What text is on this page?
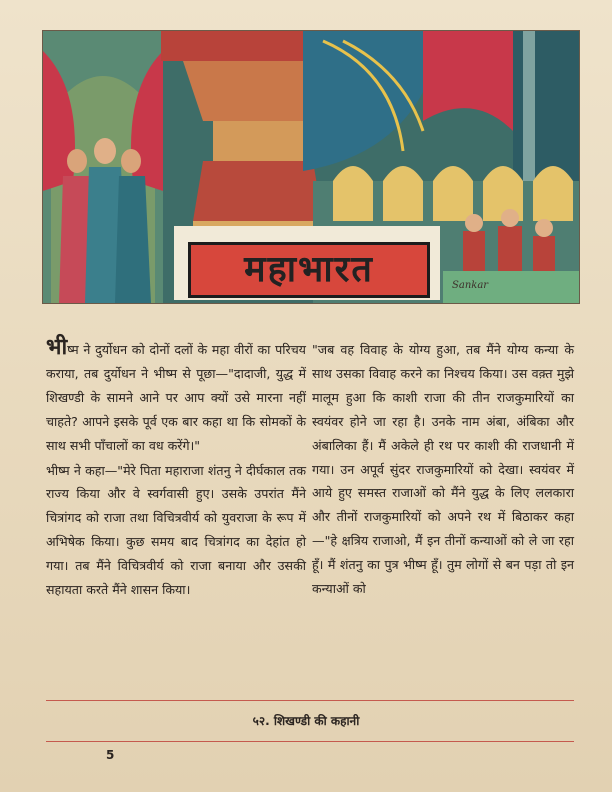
महाभारत	Sankar

भीष्म ने दुर्योधन को दोनों दलों के महा वीरों का परिचय कराया, तब दुर्योधन ने भीष्म से पूछा—"दादाजी, युद्ध में शिखण्डी के सामने आने पर आप क्यों उसे मारना नहीं चाहते? आपने इसके पूर्व एक बार कहा था कि सोमकों के साथ सभी पाँचालों का वध करेंगे।"

भीष्म ने कहा—"मेरे पिता महाराजा शंतनु ने दीर्घकाल तक राज्य किया और वे स्वर्गवासी हुए। उसके उपरांत मैंने चित्रांगद को राजा तथा विचित्रवीर्य को युवराजा के रूप में अभिषेक किया। कुछ समय बाद चित्रांगद का देहांत हो गया। तब मैंने विचित्रवीर्य को राजा बनाया और उसकी सहायता करते मैंने शासन किया।

"जब वह विवाह के योग्य हुआ, तब मैंने योग्य कन्या के साथ उसका विवाह करने का निश्चय किया। उस वक़्त मुझे मालूम हुआ कि काशी राजा की तीन राजकुमारियों का स्वयंवर होने जा रहा है। उनके नाम अंबा, अंबिका और अंबालिका हैं। मैं अकेले ही रथ पर काशी की राजधानी में गया। उन अपूर्व सुंदर राजकुमारियों को देखा। स्वयंवर में आये हुए समस्त राजाओं को मैंने युद्ध के लिए ललकारा और तीनों राजकुमारियों को अपने रथ में बिठाकर कहा—"हे क्षत्रिय राजाओ, मैं इन तीनों कन्याओं को ले जा रहा हूँ। मैं शंतनु का पुत्र भीष्म हूँ। तुम लोगों से बन पड़ा तो इन कन्याओं को

५२. शिखण्डी की कहानी
5
